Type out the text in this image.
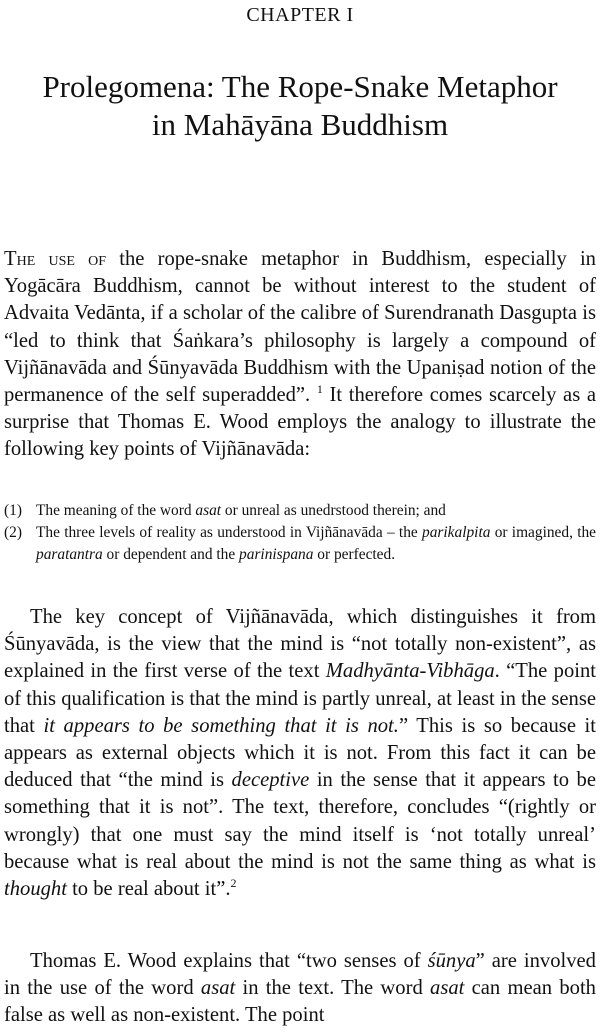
CHAPTER I
Prolegomena: The Rope-Snake Metaphor
in Mahāyāna Buddhism
The use of the rope-snake metaphor in Buddhism, especially in Yogācāra Buddhism, cannot be without interest to the student of Advaita Vedānta, if a scholar of the calibre of Surendranath Dasgupta is “led to think that Śaṅkara’s philosophy is largely a compound of Vijñānavāda and Śūnyavāda Buddhism with the Upaniṣad notion of the permanence of the self superadded”. $^1$ It therefore comes scarcely as a surprise that Thomas E. Wood employs the analogy to illustrate the following key points of Vijñānavāda:
(1) The meaning of the word asat or unreal as unedrstood therein; and
(2) The three levels of reality as understood in Vijñānavāda – the parikalpita or imagined, the paratantra or dependent and the parinispana or perfected.
The key concept of Vijñānavāda, which distinguishes it from Śūnyavāda, is the view that the mind is “not totally non-existent”, as explained in the first verse of the text Madhyānta-Vibhāga. “The point of this qualification is that the mind is partly unreal, at least in the sense that it appears to be something that it is not.” This is so because it appears as external objects which it is not. From this fact it can be deduced that “the mind is deceptive in the sense that it appears to be something that it is not”. The text, therefore, concludes “(rightly or wrongly) that one must say the mind itself is ‘not totally unreal’ because what is real about the mind is not the same thing as what is thought to be real about it”.$^2$
Thomas E. Wood explains that “two senses of śūnya” are involved in the use of the word asat in the text. The word asat can mean both false as well as non-existent. The point
